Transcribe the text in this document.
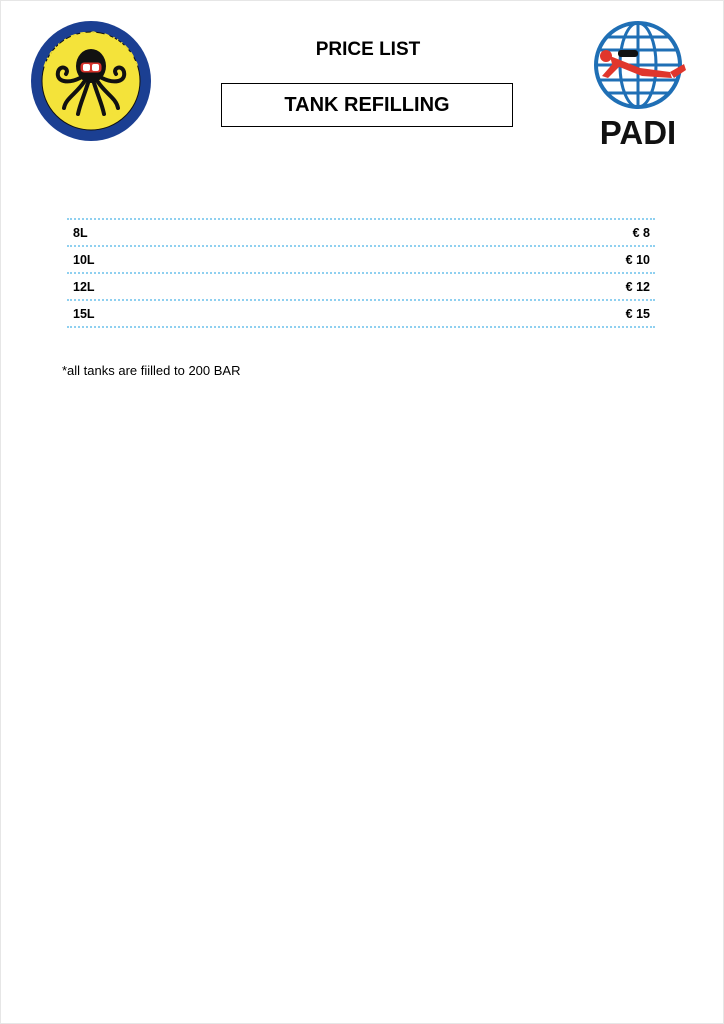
FISKARDO DIVERS
ECO DIVE · RESORT
PADI
PRICE LIST
TANK REFILLING
8L	€ 8
10L	€ 10
12L	€ 12
15L	€ 15
*all tanks are fiilled to 200 BAR
